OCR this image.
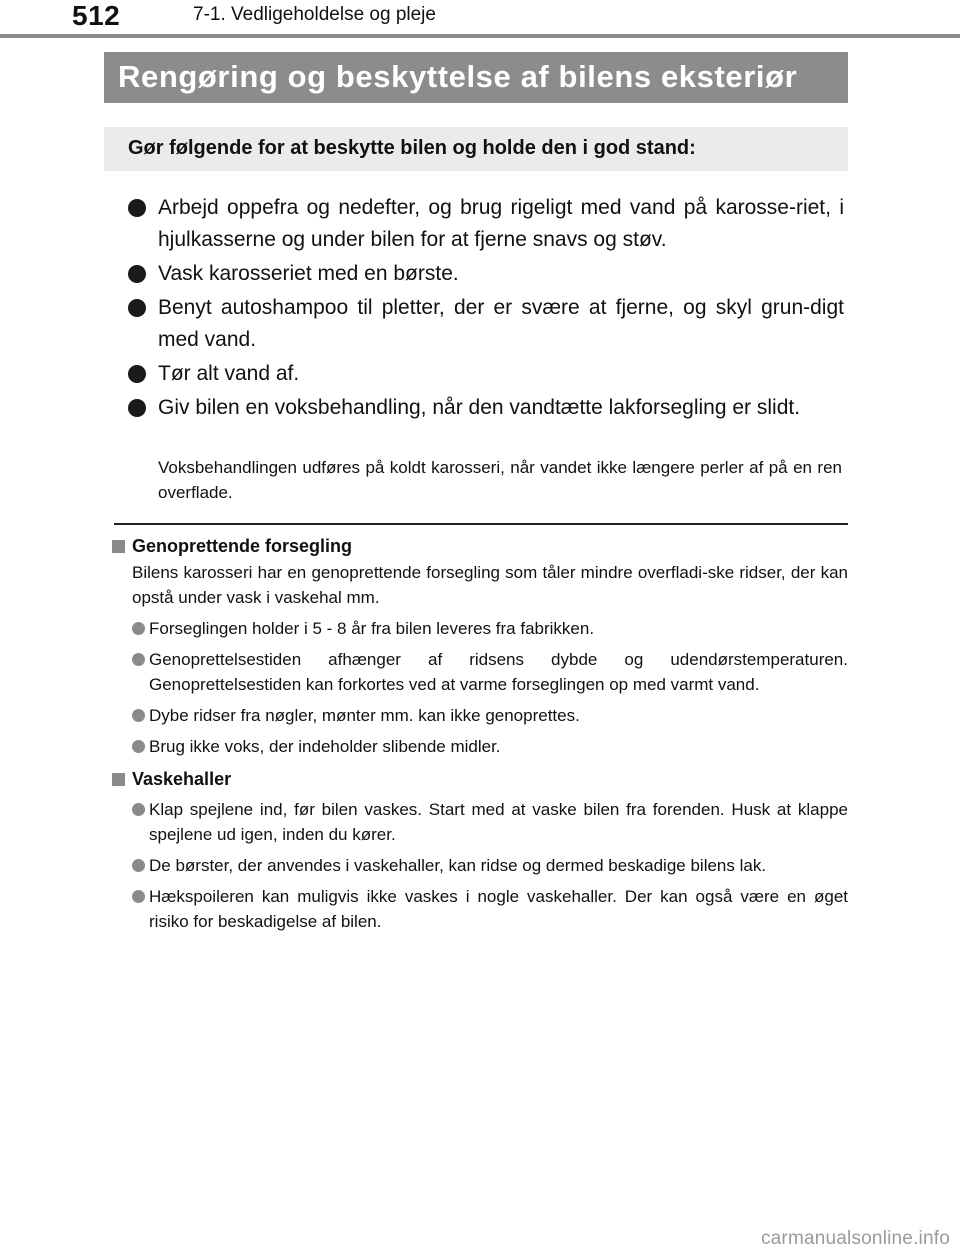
512	7-1. Vedligeholdelse og pleje
Rengøring og beskyttelse af bilens eksteriør
Gør følgende for at beskytte bilen og holde den i god stand:
Arbejd oppefra og nedefter, og brug rigeligt med vand på karosse-riet, i hjulkasserne og under bilen for at fjerne snavs og støv.
Vask karosseriet med en børste.
Benyt autoshampoo til pletter, der er svære at fjerne, og skyl grun-digt med vand.
Tør alt vand af.
Giv bilen en voksbehandling, når den vandtætte lakforsegling er slidt.
Voksbehandlingen udføres på koldt karosseri, når vandet ikke længere perler af på en ren overflade.
Genoprettende forsegling
Bilens karosseri har en genoprettende forsegling som tåler mindre overfladi-ske ridser, der kan opstå under vask i vaskehal mm.
Forseglingen holder i 5 - 8 år fra bilen leveres fra fabrikken.
Genoprettelsestiden afhænger af ridsens dybde og udendørstemperaturen. Genoprettelsestiden kan forkortes ved at varme forseglingen op med varmt vand.
Dybe ridser fra nøgler, mønter mm. kan ikke genoprettes.
Brug ikke voks, der indeholder slibende midler.
Vaskehaller
Klap spejlene ind, før bilen vaskes. Start med at vaske bilen fra forenden. Husk at klappe spejlene ud igen, inden du kører.
De børster, der anvendes i vaskehaller, kan ridse og dermed beskadige bilens lak.
Hækspoileren kan muligvis ikke vaskes i nogle vaskehaller. Der kan også være en øget risiko for beskadigelse af bilen.
carmanualsonline.info
